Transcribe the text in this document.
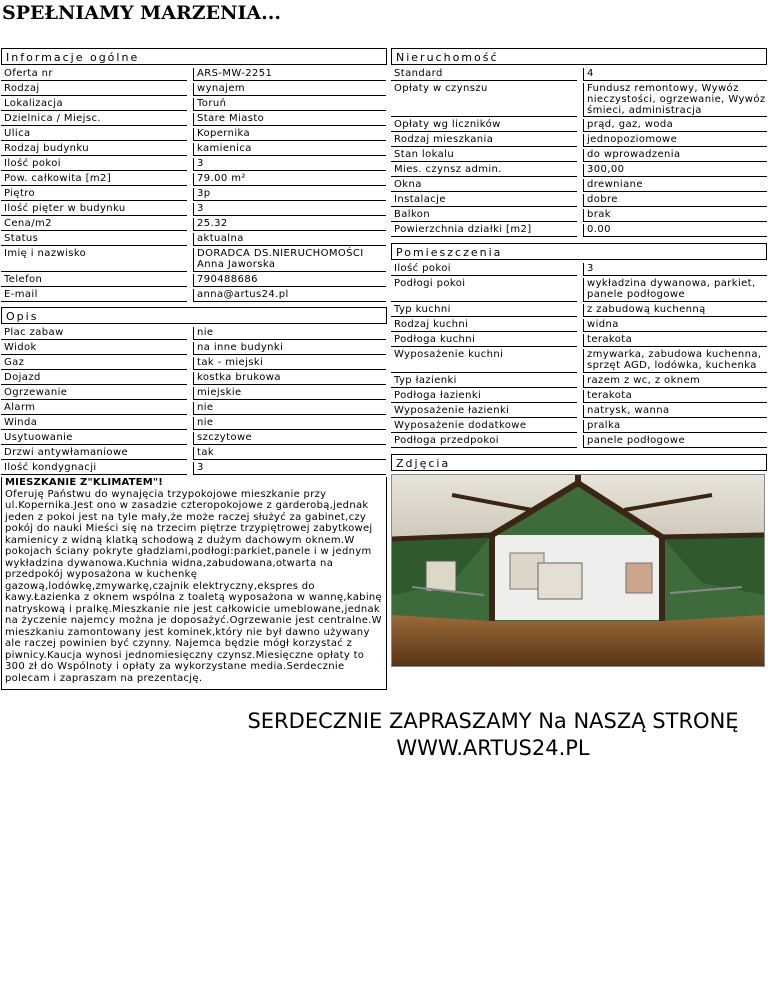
SPEŁNIAMY MARZENIA...
Informacje ogólne
Oferta nr	ARS-MW-2251
Rodzaj	wynajem
Lokalizacja	Toruń
Dzielnica / Miejsc.	Stare Miasto
Ulica	Kopernika
Rodzaj budynku	kamienica
Ilość pokoi	3
Pow. całkowita [m2]	79.00 m²
Piętro	3p
Ilość pięter w budynku	3
Cena/m2	25.32
Status	aktualna
Imię i nazwisko	DORADCA DS.NIERUCHOMOŚCI Anna Jaworska
Telefon	790488686
E-mail	anna@artus24.pl
Opis
Plac zabaw	nie
Widok	na inne budynki
Gaz	tak - miejski
Dojazd	kostka brukowa
Ogrzewanie	miejskie
Alarm	nie
Winda	nie
Usytuowanie	szczytowe
Drzwi antywłamaniowe	tak
Ilość kondygnacji	3
MIESZKANIE Z"KLIMATEM"!
Oferuję Państwu do wynajęcia trzypokojowe mieszkanie przy ul.Kopernika.Jest ono w zasadzie czteropokojowe z garderobą,jednak jeden z pokoi jest na tyle mały,że może raczej służyć za gabinet,czy pokój do nauki Mieści się na trzecim piętrze trzypiętrowej zabytkowej kamienicy z widną klatką schodową z dużym dachowym oknem.W pokojach ściany pokryte gładziami,podłogi:parkiet,panele i w jednym wykładzina dywanowa.Kuchnia widna,zabudowana,otwarta na przedpokój wyposażona w kuchenkę gazową,lodówkę,zmywarkę,czajnik elektryczny,ekspres do kawy.Łazienka z oknem wspólna z toaletą wyposażona w wannę,kabinę natryskową i pralkę.Mieszkanie nie jest całkowicie umeblowane,jednak na życzenie najemcy można je doposażyć.Ogrzewanie jest centralne.W mieszkaniu zamontowany jest kominek,który nie był dawno używany ale raczej powinien być czynny. Najemca będzie mógł korzystać z piwnicy.Kaucja wynosi jednomiesięczny czynsz.Miesięczne opłaty to 300 zł do Wspólnoty i opłaty za wykorzystane media.Serdecznie polecam i zapraszam na prezentację.
Nieruchomość
Standard	4
Opłaty w czynszu	Fundusz remontowy, Wywóz nieczystości, ogrzewanie, Wywóz śmieci, administracja
Opłaty wg liczników	prąd, gaz, woda
Rodzaj mieszkania	jednopoziomowe
Stan lokalu	do wprowadzenia
Mies. czynsz admin.	300,00
Okna	drewniane
Instalacje	dobre
Balkon	brak
Powierzchnia działki [m2]	0.00
Pomieszczenia
Ilość pokoi	3
Podłogi pokoi	wykładzina dywanowa, parkiet, panele podłogowe
Typ kuchni	z zabudową kuchenną
Rodzaj kuchni	widna
Podłoga kuchni	terakota
Wyposażenie kuchni	zmywarka, zabudowa kuchenna, sprzęt AGD, lodówka, kuchenka
Typ łazienki	razem z wc, z oknem
Podłoga łazienki	terakota
Wyposażenie łazienki	natrysk, wanna
Wyposażenie dodatkowe	pralka
Podłoga przedpokoi	panele podłogowe
Zdjęcia
SERDECZNIE ZAPRASZAMY Na NASZĄ STRONĘ
WWW.ARTUS24.PL
